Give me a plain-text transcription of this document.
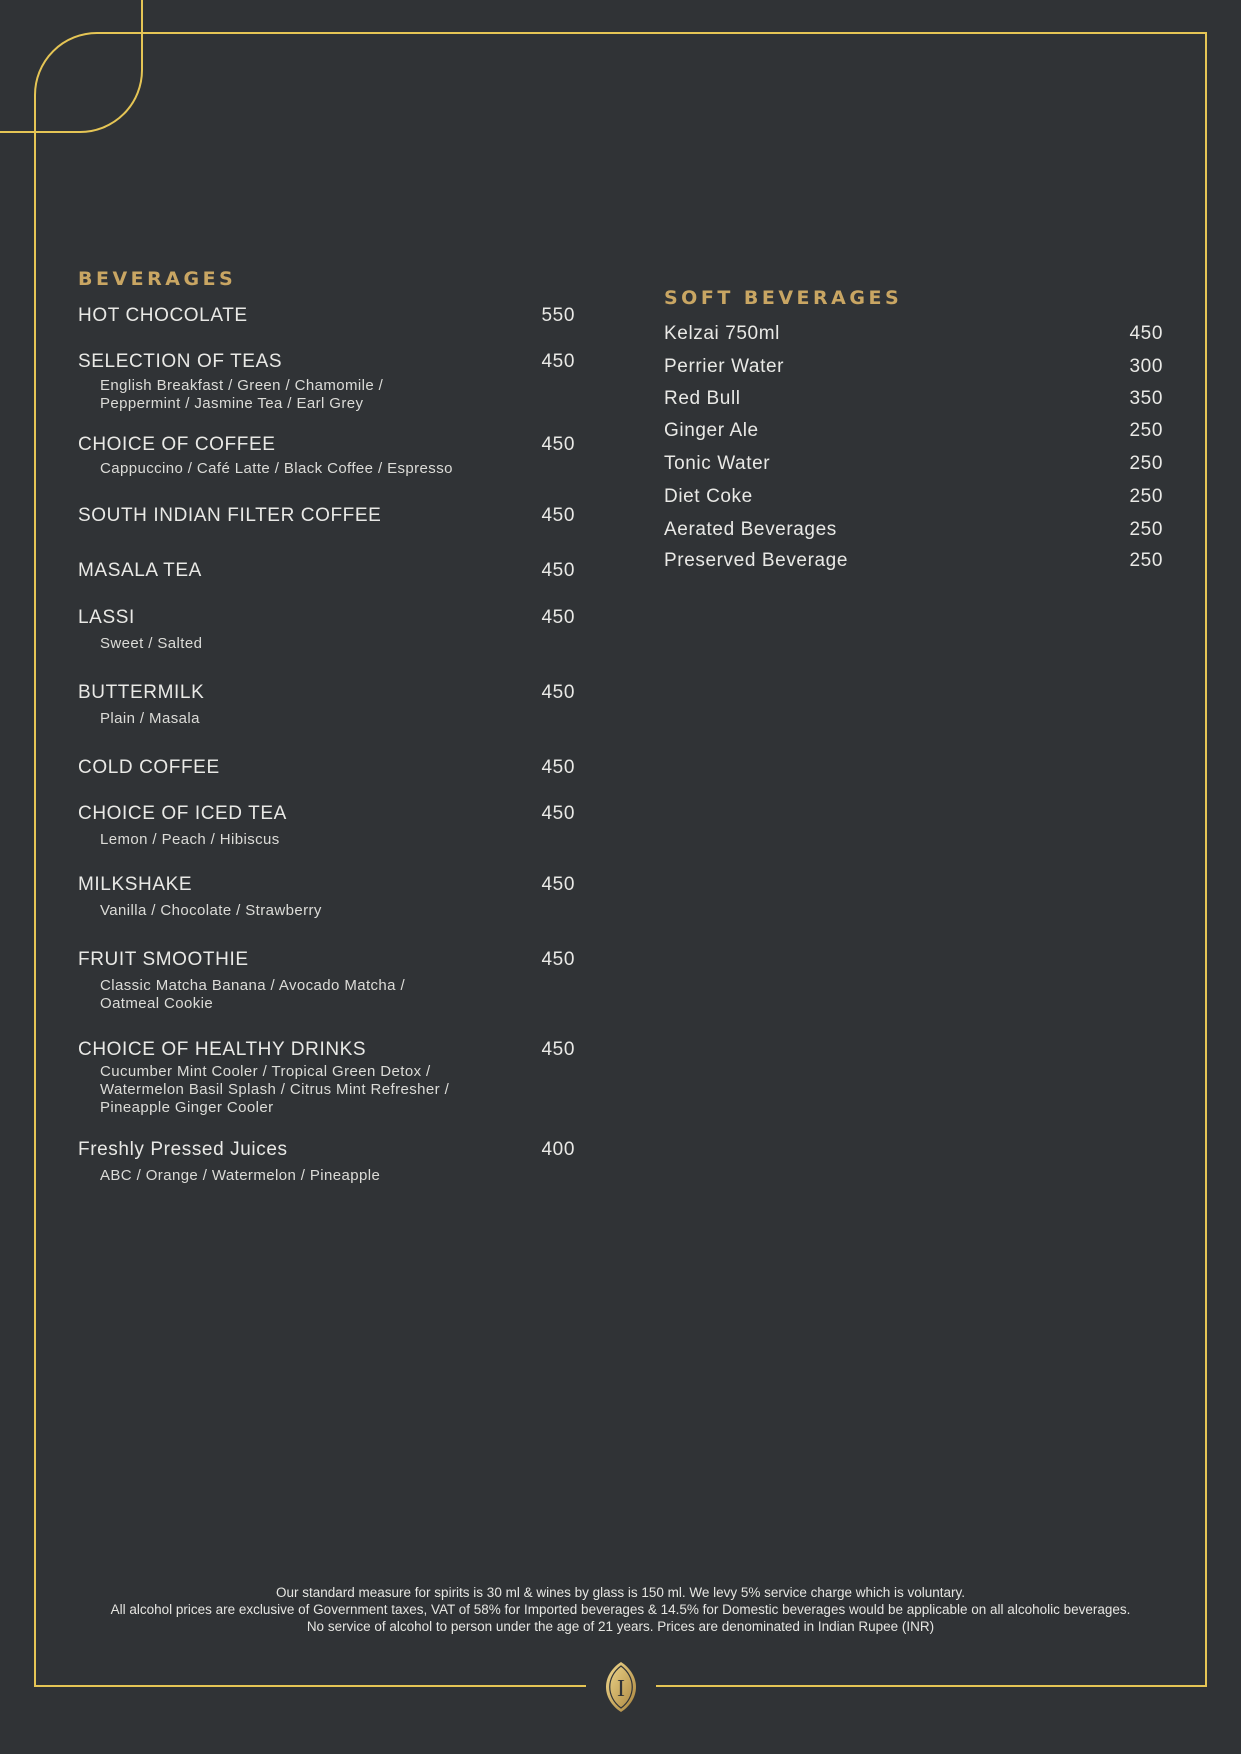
I
BEVERAGES
HOT CHOCOLATE	550
SELECTION OF TEAS	450
English Breakfast / Green / Chamomile /
Peppermint / Jasmine Tea / Earl Grey
CHOICE OF COFFEE	450
Cappuccino / Café Latte / Black Coffee / Espresso
SOUTH INDIAN FILTER COFFEE	450
MASALA TEA	450
LASSI	450
Sweet / Salted
BUTTERMILK	450
Plain / Masala
COLD COFFEE	450
CHOICE OF ICED TEA	450
Lemon / Peach / Hibiscus
MILKSHAKE	450
Vanilla / Chocolate / Strawberry
FRUIT SMOOTHIE	450
Classic Matcha Banana / Avocado Matcha /
Oatmeal Cookie
CHOICE OF HEALTHY DRINKS	450
Cucumber Mint Cooler / Tropical Green Detox /
Watermelon Basil Splash / Citrus Mint Refresher /
Pineapple Ginger Cooler
Freshly Pressed Juices	400
ABC / Orange / Watermelon / Pineapple
SOFT BEVERAGES
Kelzai 750ml	450
Perrier Water	300
Red Bull	350
Ginger Ale	250
Tonic Water	250
Diet Coke	250
Aerated Beverages	250
Preserved Beverage	250
Our standard measure for spirits is 30 ml & wines by glass is 150 ml. We levy 5% service charge which is voluntary.
All alcohol prices are exclusive of Government taxes, VAT of 58% for Imported beverages & 14.5% for Domestic beverages would be applicable on all alcoholic beverages.
No service of alcohol to person under the age of 21 years. Prices are denominated in Indian Rupee (INR)
